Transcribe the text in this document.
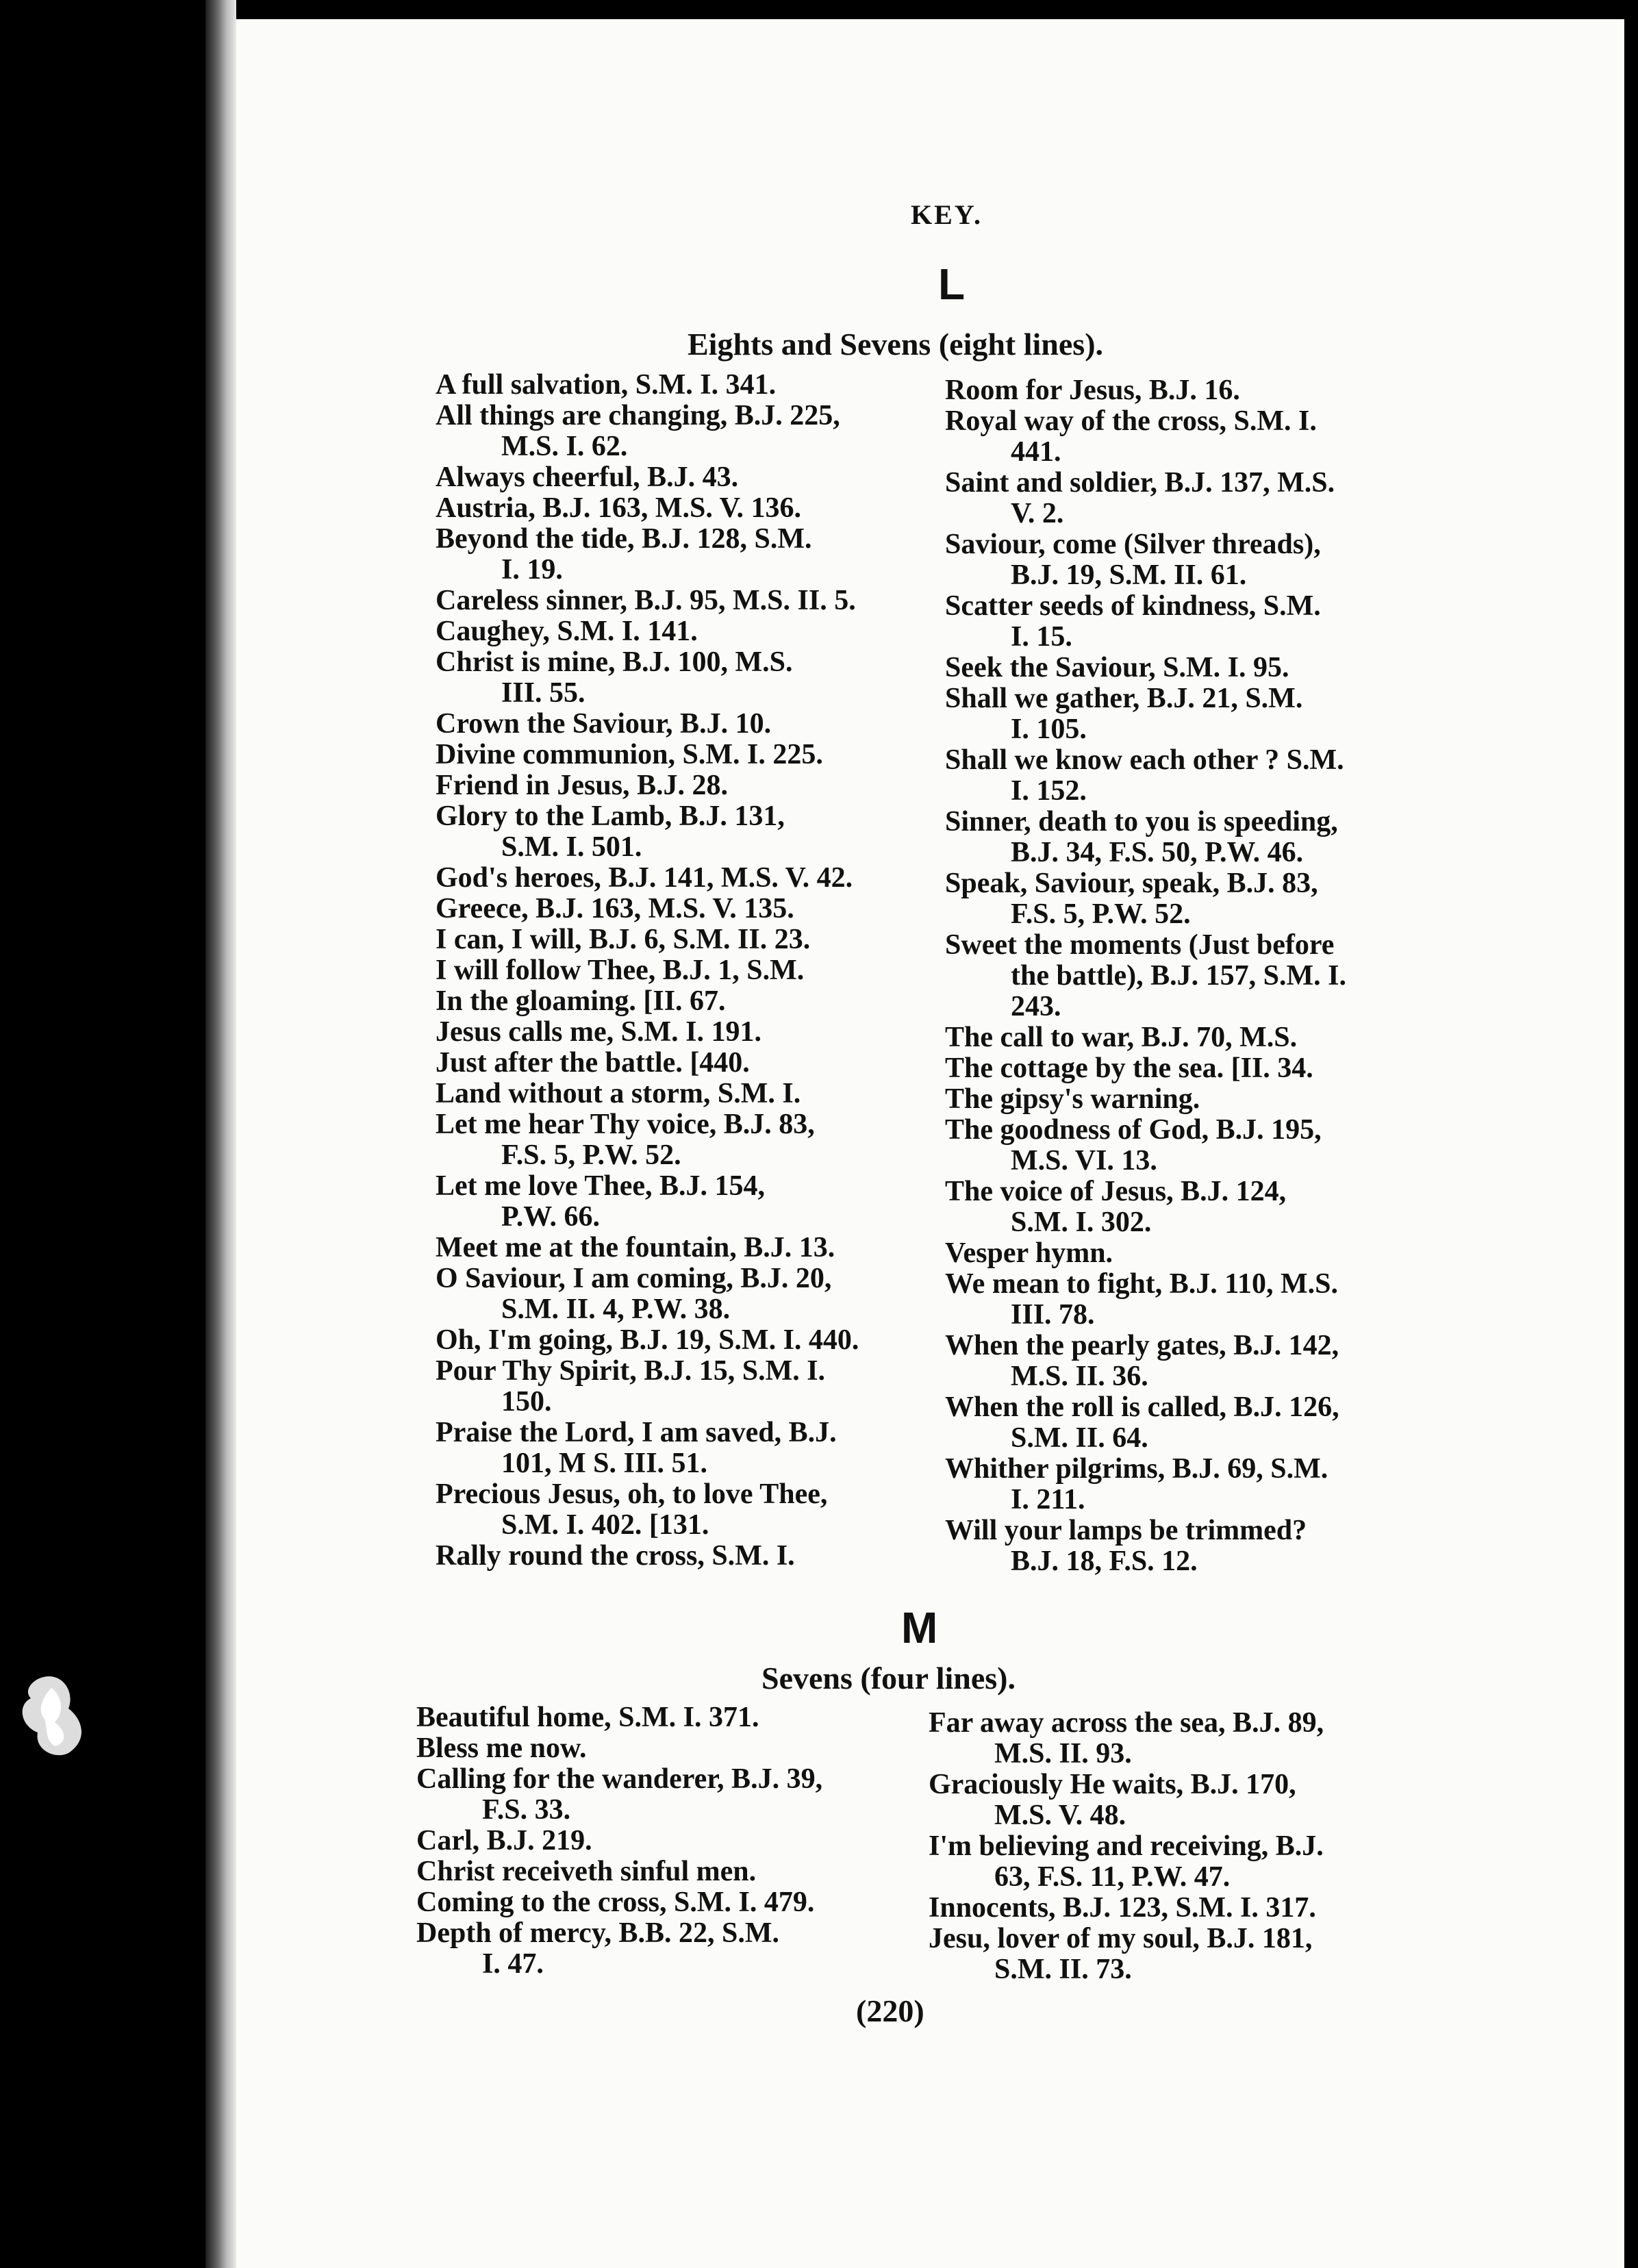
KEY.
L
Eights and Sevens (eight lines).
A full salvation, S.M. I. 341.
All things are changing, B.J. 225,
M.S. I. 62.
Always cheerful, B.J. 43.
Austria, B.J. 163, M.S. V. 136.
Beyond the tide, B.J. 128, S.M.
I. 19.
Careless sinner, B.J. 95, M.S. II. 5.
Caughey, S.M. I. 141.
Christ is mine, B.J. 100, M.S.
III. 55.
Crown the Saviour, B.J. 10.
Divine communion, S.M. I. 225.
Friend in Jesus, B.J. 28.
Glory to the Lamb, B.J. 131,
S.M. I. 501.
God's heroes, B.J. 141, M.S. V. 42.
Greece, B.J. 163, M.S. V. 135.
I can, I will, B.J. 6, S.M. II. 23.
I will follow Thee, B.J. 1, S.M.
In the gloaming. [II. 67.
Jesus calls me, S.M. I. 191.
Just after the battle. [440.
Land without a storm, S.M. I.
Let me hear Thy voice, B.J. 83,
F.S. 5, P.W. 52.
Let me love Thee, B.J. 154,
P.W. 66.
Meet me at the fountain, B.J. 13.
O Saviour, I am coming, B.J. 20,
S.M. II. 4, P.W. 38.
Oh, I'm going, B.J. 19, S.M. I. 440.
Pour Thy Spirit, B.J. 15, S.M. I.
150.
Praise the Lord, I am saved, B.J.
101, M S. III. 51.
Precious Jesus, oh, to love Thee,
S.M. I. 402. [131.
Rally round the cross, S.M. I.
Room for Jesus, B.J. 16.
Royal way of the cross, S.M. I.
441.
Saint and soldier, B.J. 137, M.S.
V. 2.
Saviour, come (Silver threads),
B.J. 19, S.M. II. 61.
Scatter seeds of kindness, S.M.
I. 15.
Seek the Saviour, S.M. I. 95.
Shall we gather, B.J. 21, S.M.
I. 105.
Shall we know each other ? S.M.
I. 152.
Sinner, death to you is speeding,
B.J. 34, F.S. 50, P.W. 46.
Speak, Saviour, speak, B.J. 83,
F.S. 5, P.W. 52.
Sweet the moments (Just before
the battle), B.J. 157, S.M. I.
243.
The call to war, B.J. 70, M.S.
The cottage by the sea. [II. 34.
The gipsy's warning.
The goodness of God, B.J. 195,
M.S. VI. 13.
The voice of Jesus, B.J. 124,
S.M. I. 302.
Vesper hymn.
We mean to fight, B.J. 110, M.S.
III. 78.
When the pearly gates, B.J. 142,
M.S. II. 36.
When the roll is called, B.J. 126,
S.M. II. 64.
Whither pilgrims, B.J. 69, S.M.
I. 211.
Will your lamps be trimmed?
B.J. 18, F.S. 12.
M
Sevens (four lines).
Beautiful home, S.M. I. 371.
Bless me now.
Calling for the wanderer, B.J. 39,
F.S. 33.
Carl, B.J. 219.
Christ receiveth sinful men.
Coming to the cross, S.M. I. 479.
Depth of mercy, B.B. 22, S.M.
I. 47.
Far away across the sea, B.J. 89,
M.S. II. 93.
Graciously He waits, B.J. 170,
M.S. V. 48.
I'm believing and receiving, B.J.
63, F.S. 11, P.W. 47.
Innocents, B.J. 123, S.M. I. 317.
Jesu, lover of my soul, B.J. 181,
S.M. II. 73.
(220)
